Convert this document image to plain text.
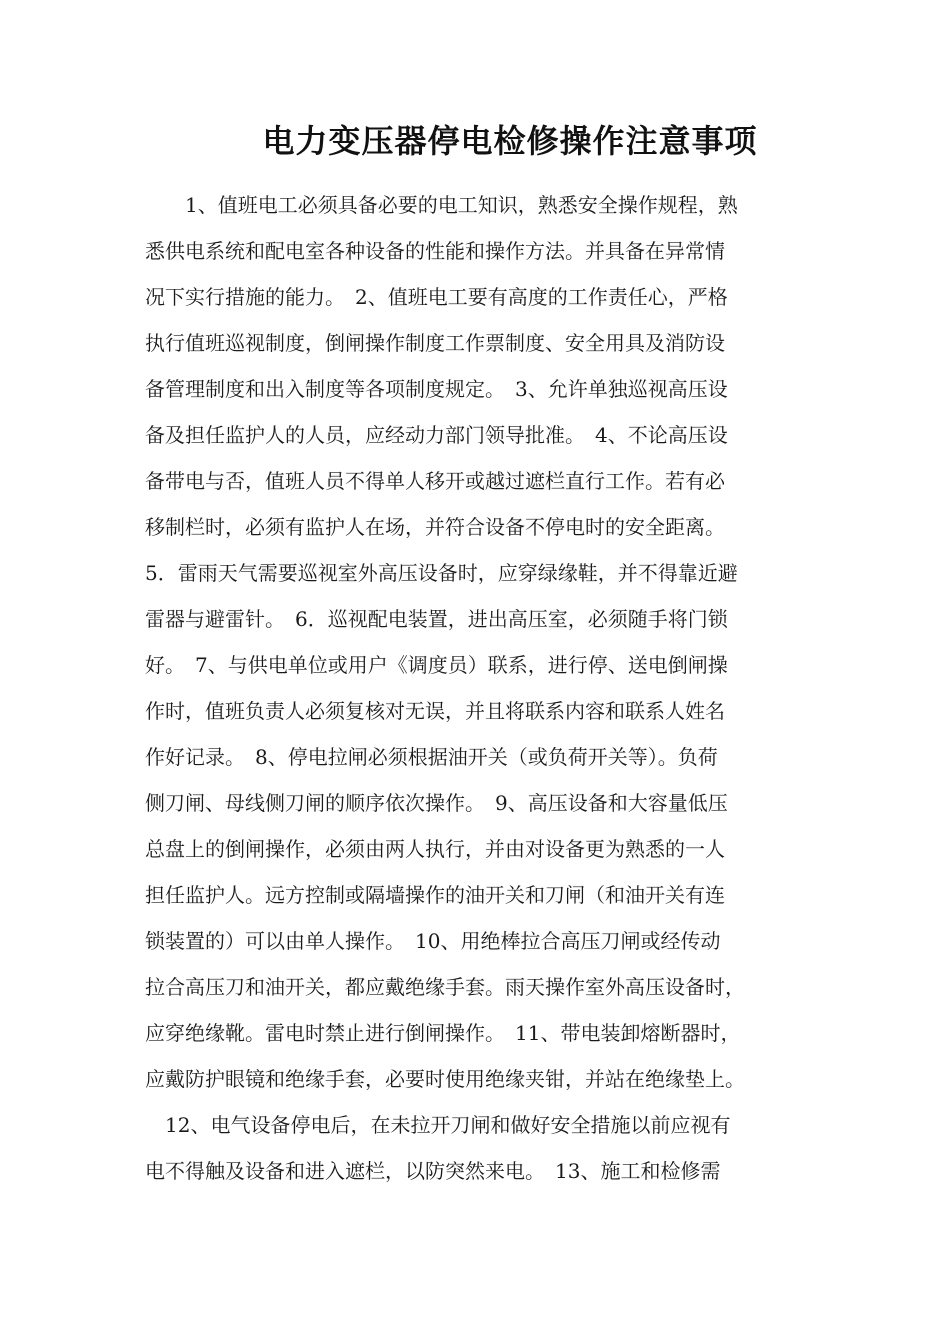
电力变压器停电检修操作注意事项
　　1、值班电工必须具备必要的电工知识，熟悉安全操作规程，熟
悉供电系统和配电室各种设备的性能和操作方法。并具备在异常情
况下实行措施的能力。　2、值班电工要有高度的工作责任心，严格
执行值班巡视制度，倒闸操作制度工作票制度、安全用具及消防设
备管理制度和出入制度等各项制度规定。　3、允许单独巡视高压设
备及担任监护人的人员，应经动力部门领导批准。　4、不论高压设
备带电与否，值班人员不得单人移开或越过遮栏直行工作。若有必
移制栏时，必须有监护人在场，并符合设备不停电时的安全距离。
5．雷雨天气需要巡视室外高压设备时，应穿绿缘鞋，并不得靠近避
雷器与避雷针。　6．巡视配电装置，进出高压室，必须随手将门锁
好。　7、与供电单位或用户《调度员）联系，进行停、送电倒闸操
作时，值班负责人必须复核对无误，并且将联系内容和联系人姓名
作好记录。　8、停电拉闸必须根据油开关（或负荷开关等）。负荷
侧刀闸、母线侧刀闸的顺序依次操作。　9、高压设备和大容量低压
总盘上的倒闸操作，必须由两人执行，并由对设备更为熟悉的一人
担任监护人。远方控制或隔墙操作的油开关和刀闸（和油开关有连
锁装置的）可以由单人操作。　10、用绝棒拉合高压刀闸或经传动
拉合高压刀和油开关，都应戴绝缘手套。雨天操作室外高压设备时，
应穿绝缘靴。雷电时禁止进行倒闸操作。　11、带电装卸熔断器时，
应戴防护眼镜和绝缘手套，必要时使用绝缘夹钳，并站在绝缘垫上。
　12、电气设备停电后，在未拉开刀闸和做好安全措施以前应视有
电不得触及设备和进入遮栏，以防突然来电。　13、施工和检修需
